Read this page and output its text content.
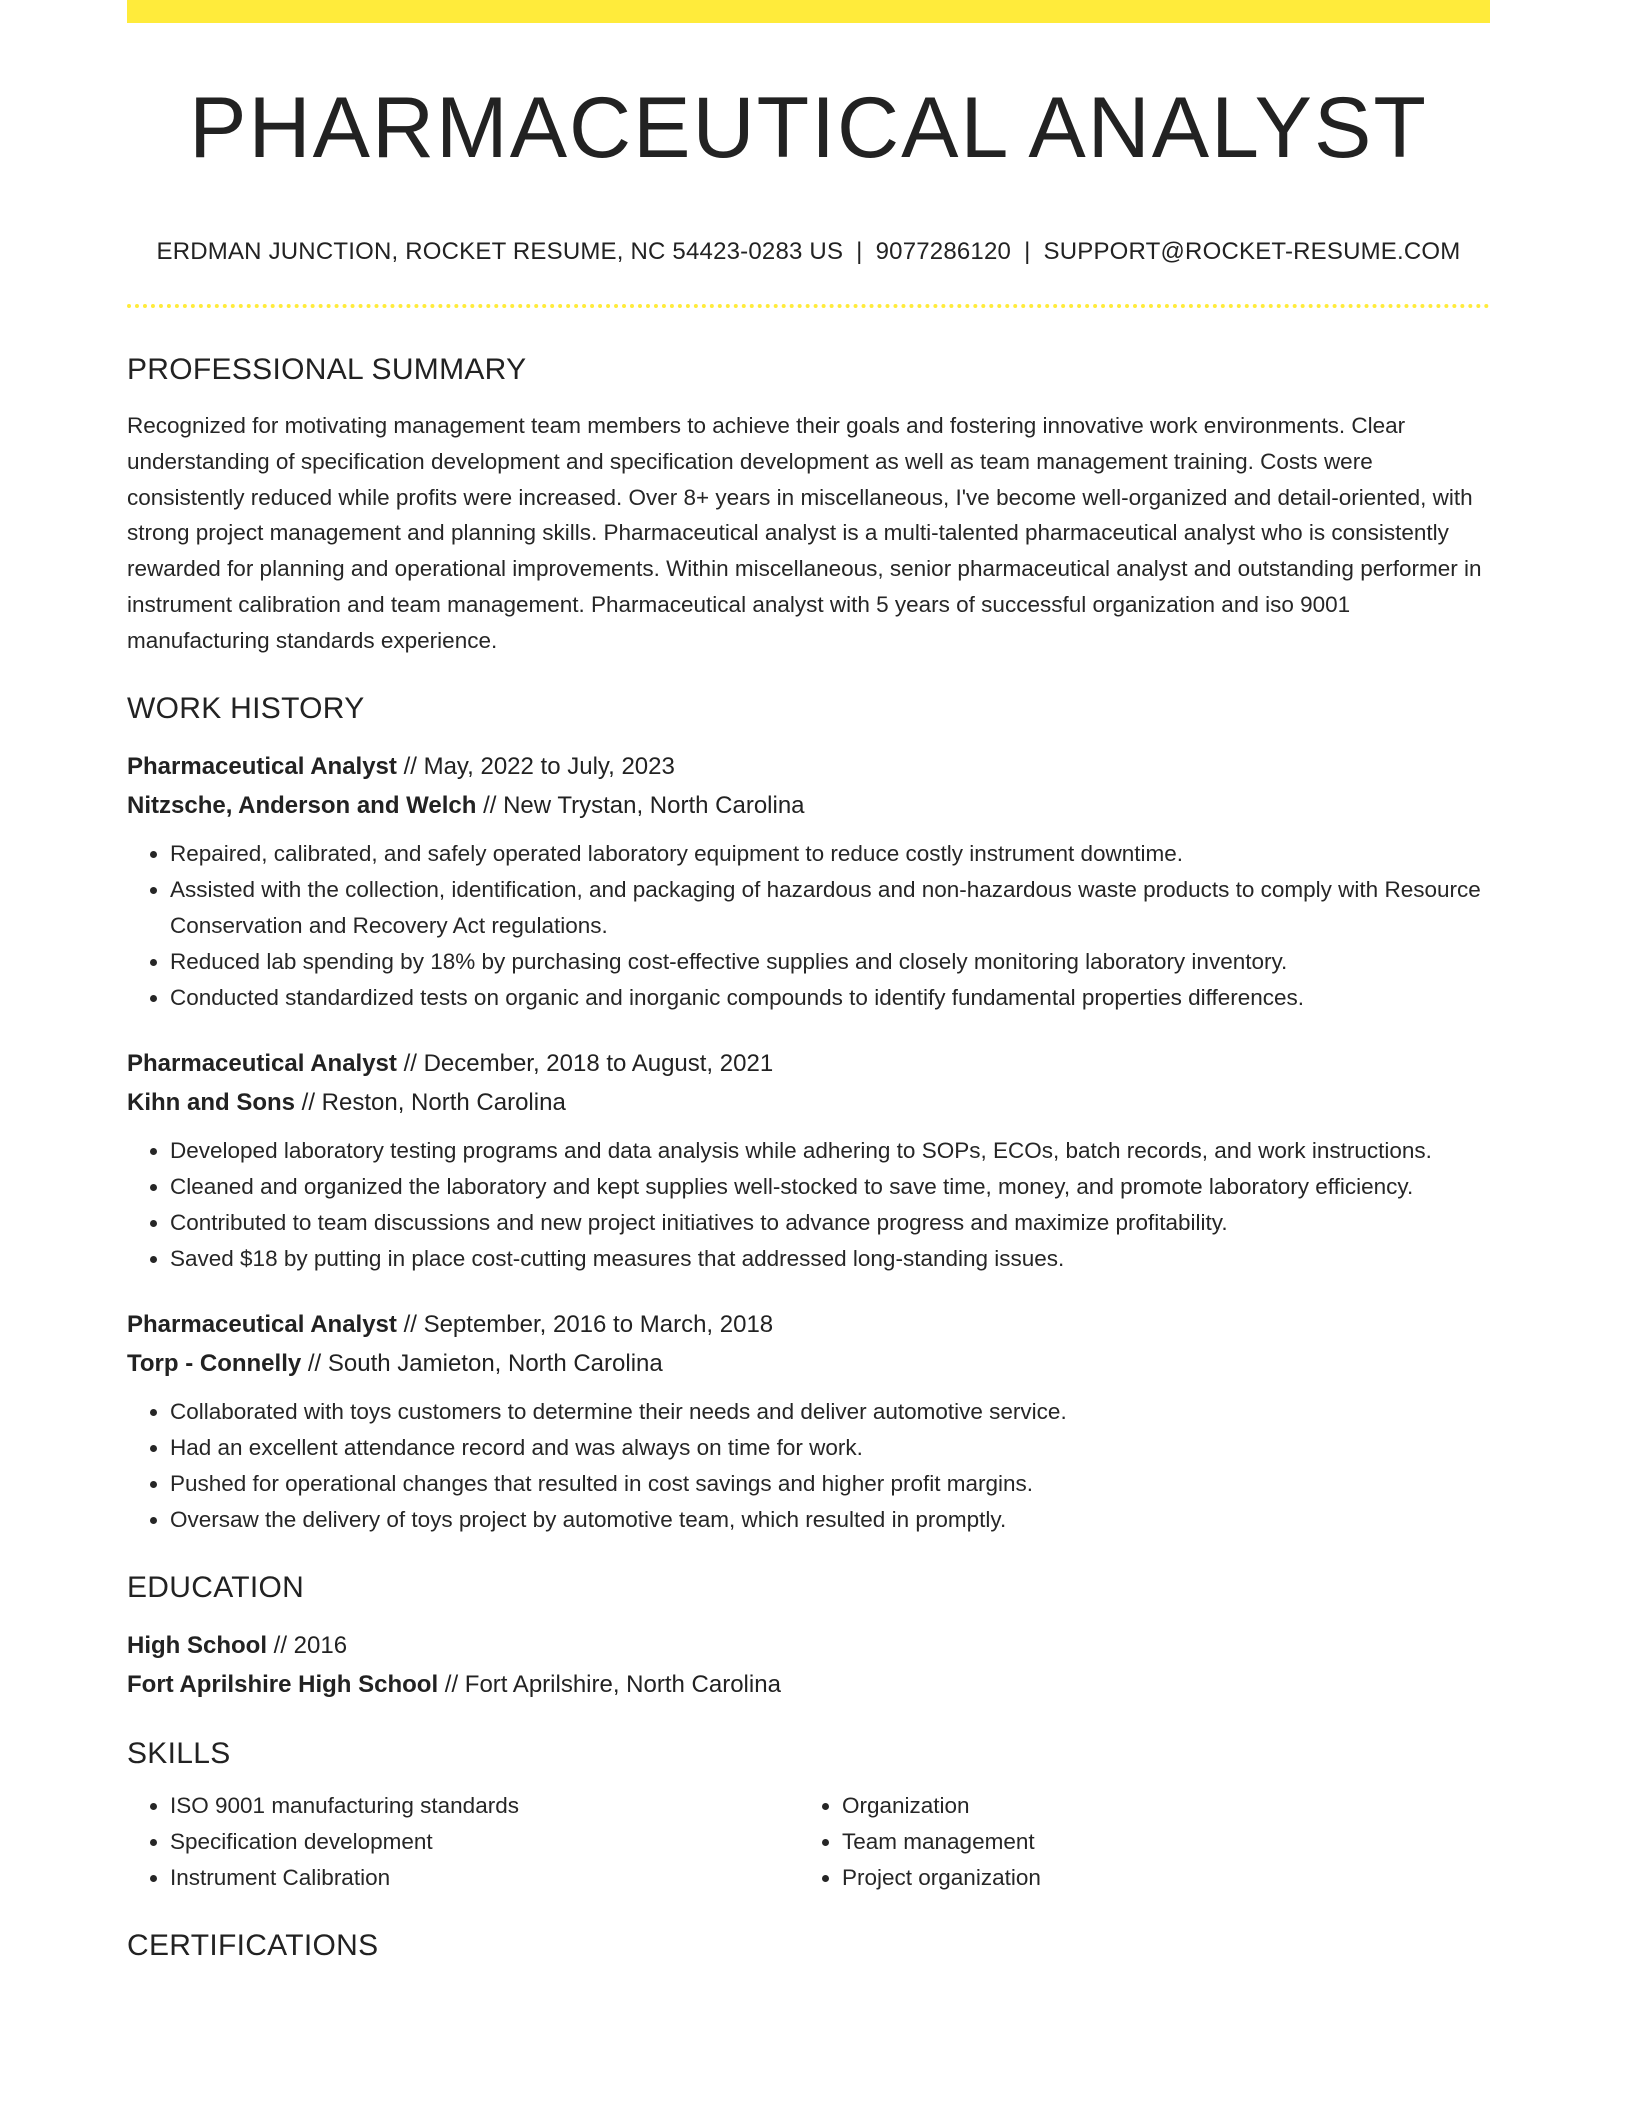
PHARMACEUTICAL ANALYST
ERDMAN JUNCTION, ROCKET RESUME, NC 54423-0283 US | 9077286120 | SUPPORT@ROCKET-RESUME.COM
PROFESSIONAL SUMMARY

Recognized for motivating management team members to achieve their goals and fostering innovative work environments. Clear understanding of specification development and specification development as well as team management training. Costs were consistently reduced while profits were increased. Over 8+ years in miscellaneous, I've become well-organized and detail-oriented, with strong project management and planning skills. Pharmaceutical analyst is a multi-talented pharmaceutical analyst who is consistently rewarded for planning and operational improvements. Within miscellaneous, senior pharmaceutical analyst and outstanding performer in instrument calibration and team management. Pharmaceutical analyst with 5 years of successful organization and iso 9001 manufacturing standards experience.

WORK HISTORY
Pharmaceutical Analyst // May, 2022 to July, 2023
Nitzsche, Anderson and Welch // New Trystan, North Carolina
• Repaired, calibrated, and safely operated laboratory equipment to reduce costly instrument downtime.
• Assisted with the collection, identification, and packaging of hazardous and non-hazardous waste products to comply with Resource Conservation and Recovery Act regulations.
• Reduced lab spending by 18% by purchasing cost-effective supplies and closely monitoring laboratory inventory.
• Conducted standardized tests on organic and inorganic compounds to identify fundamental properties differences.
Pharmaceutical Analyst // December, 2018 to August, 2021
Kihn and Sons // Reston, North Carolina
• Developed laboratory testing programs and data analysis while adhering to SOPs, ECOs, batch records, and work instructions.
• Cleaned and organized the laboratory and kept supplies well-stocked to save time, money, and promote laboratory efficiency.
• Contributed to team discussions and new project initiatives to advance progress and maximize profitability.
• Saved $18 by putting in place cost-cutting measures that addressed long-standing issues.
Pharmaceutical Analyst // September, 2016 to March, 2018
Torp - Connelly // South Jamieton, North Carolina
• Collaborated with toys customers to determine their needs and deliver automotive service.
• Had an excellent attendance record and was always on time for work.
• Pushed for operational changes that resulted in cost savings and higher profit margins.
• Oversaw the delivery of toys project by automotive team, which resulted in promptly.
EDUCATION
High School // 2016
Fort Aprilshire High School // Fort Aprilshire, North Carolina
SKILLS
• ISO 9001 manufacturing standards
• Specification development
• Instrument Calibration
• Organization
• Team management
• Project organization
CERTIFICATIONS
